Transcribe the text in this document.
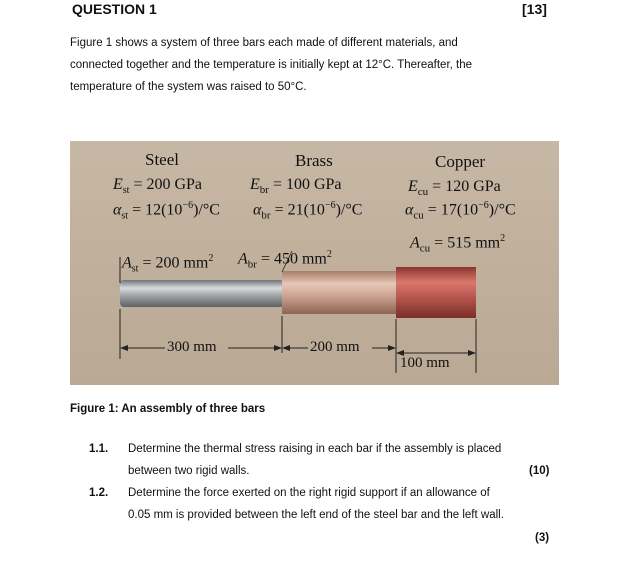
QUESTION 1	[13]
Figure 1 shows a system of three bars each made of different materials, and
connected together and the temperature is initially kept at 12°C. Thereafter, the
temperature of the system was raised to 50°C.
Steel	Brass	Copper
$E_{st} = 200$ GPa	$E_{br} = 100$ GPa	$E_{cu} = 120$ GPa
$\alpha_{st} = 12(10^{-6})/^\circ C$ $\alpha_{br} = 21(10^{-6})/^\circ C$	$\alpha_{cu} = 17(10^{-6})/^\circ C$
$A_{cu} = 515$ $mm^2$
$A_{st} = 200$ $mm^2$ $A_{br} = 450$ $mm^2$
300 mm	200 mm
100 mm
Figure 1: An assembly of three bars
1.1. Determine the thermal stress raising in each bar if the assembly is placed
between two rigid walls.	(10)
1.2. Determine the force exerted on the right rigid support if an allowance of
0.05 mm is provided between the left end of the steel bar and the left wall.
(3)
